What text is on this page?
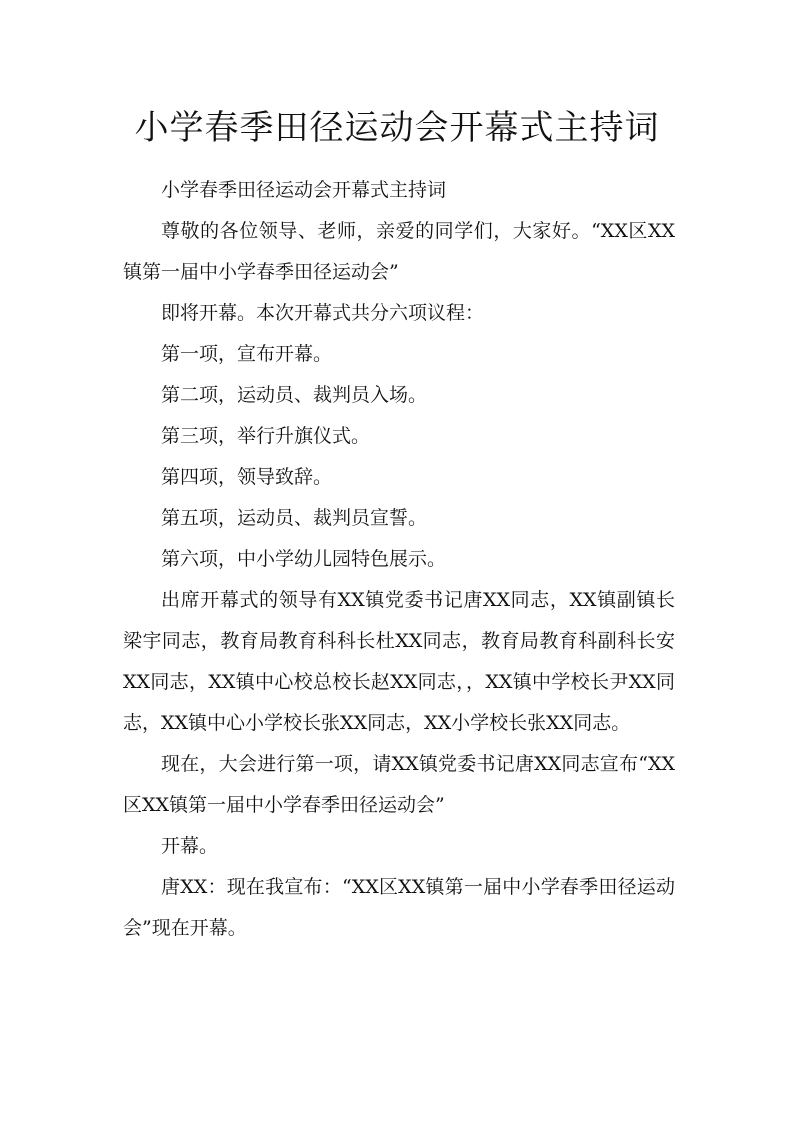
小学春季田径运动会开幕式主持词

小学春季田径运动会开幕式主持词

尊敬的各位领导、老师，亲爱的同学们，大家好。“XX区XX镇第一届中小学春季田径运动会”

即将开幕。本次开幕式共分六项议程：

第一项，宣布开幕。

第二项，运动员、裁判员入场。

第三项，举行升旗仪式。

第四项，领导致辞。

第五项，运动员、裁判员宣誓。

第六项，中小学幼儿园特色展示。

出席开幕式的领导有XX镇党委书记唐XX同志，XX镇副镇长梁宇同志，教育局教育科科长杜XX同志，教育局教育科副科长安XX同志，XX镇中心校总校长赵XX同志，，XX镇中学校长尹XX同志，XX镇中心小学校长张XX同志，XX小学校长张XX同志。

现在，大会进行第一项，请XX镇党委书记唐XX同志宣布“XX区XX镇第一届中小学春季田径运动会”

开幕。

唐XX：现在我宣布：“XX区XX镇第一届中小学春季田径运动会”现在开幕。
